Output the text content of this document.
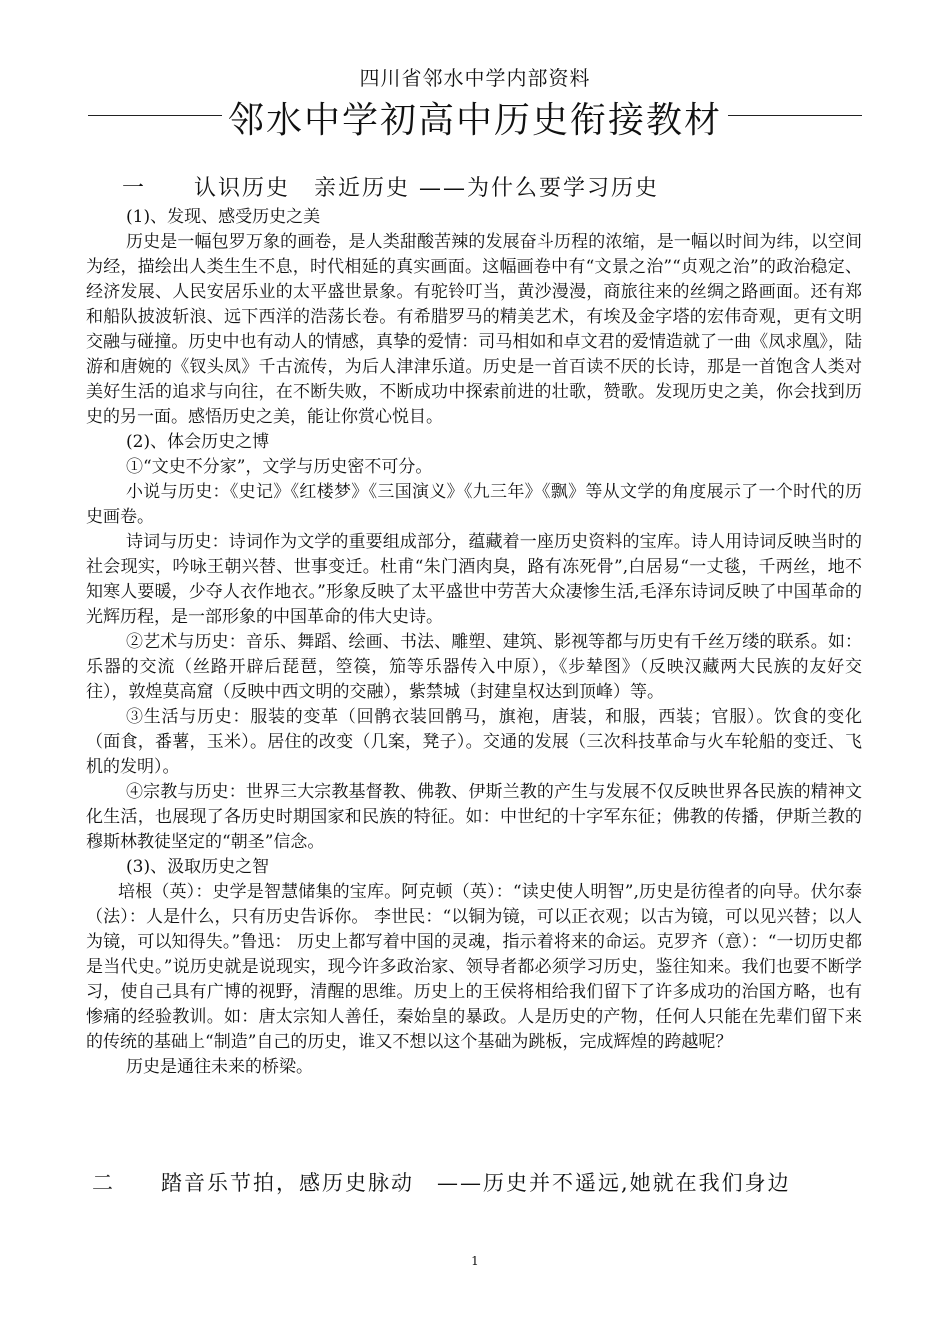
四川省邻水中学内部资料
邻水中学初高中历史衔接教材
一　　认识历史　亲近历史 ——为什么要学习历史

(1)、发现、感受历史之美

历史是一幅包罗万象的画卷，是人类甜酸苦辣的发展奋斗历程的浓缩，是一幅以时间为纬，以空间为经，描绘出人类生生不息，时代相延的真实画面。这幅画卷中有“文景之治”“贞观之治”的政治稳定、经济发展、人民安居乐业的太平盛世景象。有驼铃叮当，黄沙漫漫，商旅往来的丝绸之路画面。还有郑和船队披波斩浪、远下西洋的浩荡长卷。有希腊罗马的精美艺术，有埃及金字塔的宏伟奇观，更有文明交融与碰撞。历史中也有动人的情感，真挚的爱情：司马相如和卓文君的爱情造就了一曲《凤求凰》，陆游和唐婉的《钗头凤》千古流传，为后人津津乐道。历史是一首百读不厌的长诗，那是一首饱含人类对美好生活的追求与向往，在不断失败，不断成功中探索前进的壮歌，赞歌。发现历史之美，你会找到历史的另一面。感悟历史之美，能让你赏心悦目。

(2)、体会历史之博

①“文史不分家”，文学与历史密不可分。

小说与历史：《史记》《红楼梦》《三国演义》《九三年》《飘》等从文学的角度展示了一个时代的历史画卷。

诗词与历史：诗词作为文学的重要组成部分，蕴藏着一座历史资料的宝库。诗人用诗词反映当时的社会现实，吟咏王朝兴替、世事变迁。杜甫“朱门酒肉臭，路有冻死骨”,白居易“一丈毯，千两丝，地不知寒人要暖，少夺人衣作地衣。”形象反映了太平盛世中劳苦大众凄惨生活,毛泽东诗词反映了中国革命的光辉历程，是一部形象的中国革命的伟大史诗。

②艺术与历史：音乐、舞蹈、绘画、书法、雕塑、建筑、影视等都与历史有千丝万缕的联系。如：乐器的交流（丝路开辟后琵琶，箜篌，笳等乐器传入中原），《步辇图》（反映汉藏两大民族的友好交往），敦煌莫高窟（反映中西文明的交融），紫禁城（封建皇权达到顶峰）等。

③生活与历史：服装的变革（回鹘衣装回鹘马，旗袍，唐装，和服，西装；官服）。饮食的变化（面食，番薯，玉米）。居住的改变（几案，凳子）。交通的发展（三次科技革命与火车轮船的变迁、飞机的发明）。

④宗教与历史：世界三大宗教基督教、佛教、伊斯兰教的产生与发展不仅反映世界各民族的精神文化生活，也展现了各历史时期国家和民族的特征。如：中世纪的十字军东征；佛教的传播，伊斯兰教的穆斯林教徒坚定的“朝圣”信念。

(3)、汲取历史之智

培根（英）：史学是智慧储集的宝库。阿克顿（英）：“读史使人明智”,历史是彷徨者的向导。伏尔泰（法）：人是什么，只有历史告诉你。 李世民：“以铜为镜，可以正衣观；以古为镜，可以见兴替；以人为镜，可以知得失。”鲁迅： 历史上都写着中国的灵魂，指示着将来的命运。克罗齐（意）：“一切历史都是当代史。”说历史就是说现实，现今许多政治家、领导者都必须学习历史，鉴往知来。我们也要不断学习，使自己具有广博的视野，清醒的思维。历史上的王侯将相给我们留下了许多成功的治国方略，也有惨痛的经验教训。如：唐太宗知人善任，秦始皇的暴政。人是历史的产物，任何人只能在先辈们留下来的传统的基础上“制造”自己的历史，谁又不想以这个基础为跳板，完成辉煌的跨越呢？

历史是通往未来的桥梁。

二　　踏音乐节拍，感历史脉动　——历史并不遥远,她就在我们身边
1
